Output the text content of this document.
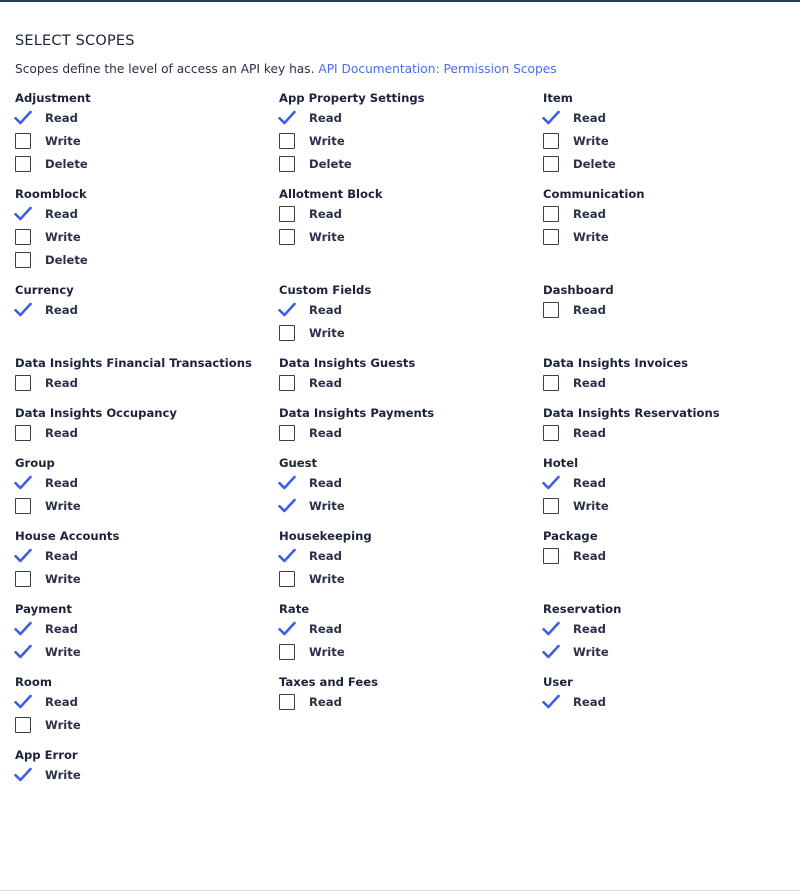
SELECT SCOPES
Scopes define the level of access an API key has. API Documentation: Permission Scopes
Adjustment
Read
Write
Delete
App Property Settings
Read
Write
Delete
Item
Read
Write
Delete
Roomblock
Read
Write
Delete
Allotment Block
Read
Write
Communication
Read
Write
Currency
Read
Custom Fields
Read
Write
Dashboard
Read
Data Insights Financial Transactions
Read
Data Insights Guests
Read
Data Insights Invoices
Read
Data Insights Occupancy
Read
Data Insights Payments
Read
Data Insights Reservations
Read
Group
Read
Write
Guest
Read
Write
Hotel
Read
Write
House Accounts
Read
Write
Housekeeping
Read
Write
Package
Read
Payment
Read
Write
Rate
Read
Write
Reservation
Read
Write
Room
Read
Write
Taxes and Fees
Read
User
Read
App Error
Write
